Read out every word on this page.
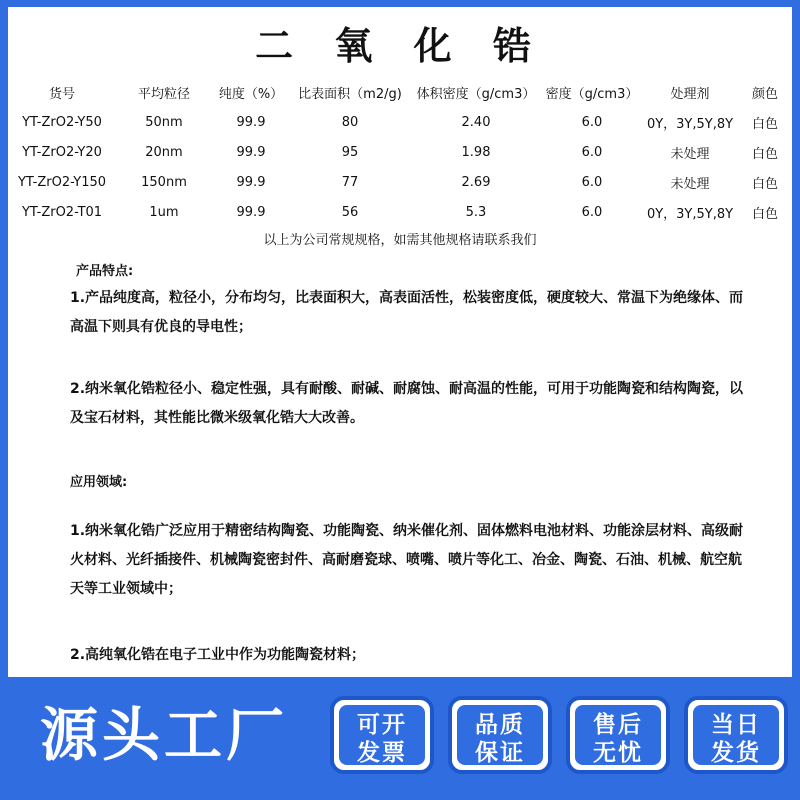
二 氧 化 锆
货号	平均粒径	纯度（%）	比表面积（m2/g)	体积密度（g/cm3）	密度（g/cm3）	处理剂	颜色
YT-ZrO2-Y50	50nm	99.9	80	2.40	6.0	0Y，3Y,5Y,8Y	白色
YT-ZrO2-Y20	20nm	99.9	95	1.98	6.0	未处理	白色
YT-ZrO2-Y150	150nm	99.9	77	2.69	6.0	未处理	白色
YT-ZrO2-T01	1um	99.9	56	5.3	6.0	0Y，3Y,5Y,8Y	白色
以上为公司常规规格，如需其他规格请联系我们
产品特点:
1.产品纯度高，粒径小，分布均匀，比表面积大，高表面活性，松装密度低，硬度较大、常温下为绝缘体、而高温下则具有优良的导电性；
2.纳米氧化锆粒径小、稳定性强，具有耐酸、耐碱、耐腐蚀、耐高温的性能，可用于功能陶瓷和结构陶瓷，以及宝石材料，其性能比微米级氧化锆大大改善。
应用领域:
1.纳米氧化锆广泛应用于精密结构陶瓷、功能陶瓷、纳米催化剂、固体燃料电池材料、功能涂层材料、高级耐火材料、光纤插接件、机械陶瓷密封件、高耐磨瓷球、喷嘴、喷片等化工、冶金、陶瓷、石油、机械、航空航天等工业领域中；
2.高纯氧化锆在电子工业中作为功能陶瓷材料；
源头工厂	可开
发票
品质
保证
售后
无忧
当日
发货
